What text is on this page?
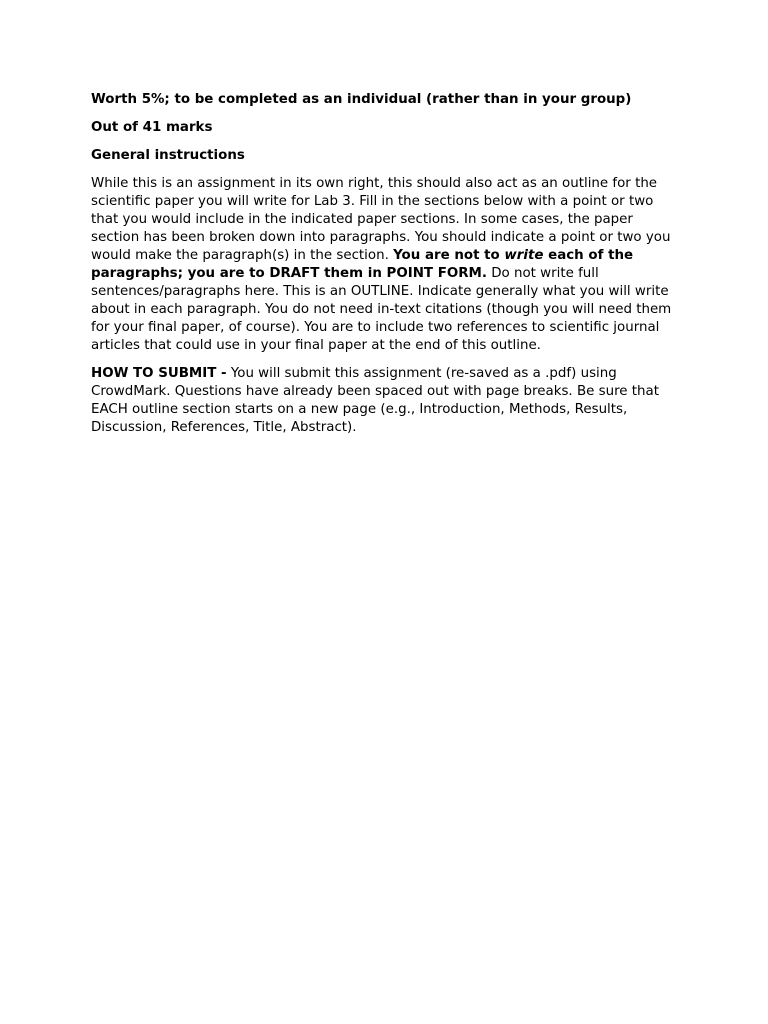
Worth 5%; to be completed as an individual (rather than in your group)

Out of 41 marks

General instructions

While this is an assignment in its own right, this should also act as an outline for the scientific paper you will write for Lab 3. Fill in the sections below with a point or two that you would include in the indicated paper sections. In some cases, the paper section has been broken down into paragraphs. You should indicate a point or two you would make the paragraph(s) in the section. You are not to write each of the paragraphs; you are to DRAFT them in POINT FORM. Do not write full sentences/paragraphs here. This is an OUTLINE. Indicate generally what you will write about in each paragraph. You do not need in-text citations (though you will need them for your final paper, of course). You are to include two references to scientific journal articles that could use in your final paper at the end of this outline.

HOW TO SUBMIT - You will submit this assignment (re-saved as a .pdf) using CrowdMark. Questions have already been spaced out with page breaks. Be sure that EACH outline section starts on a new page (e.g., Introduction, Methods, Results, Discussion, References, Title, Abstract).
